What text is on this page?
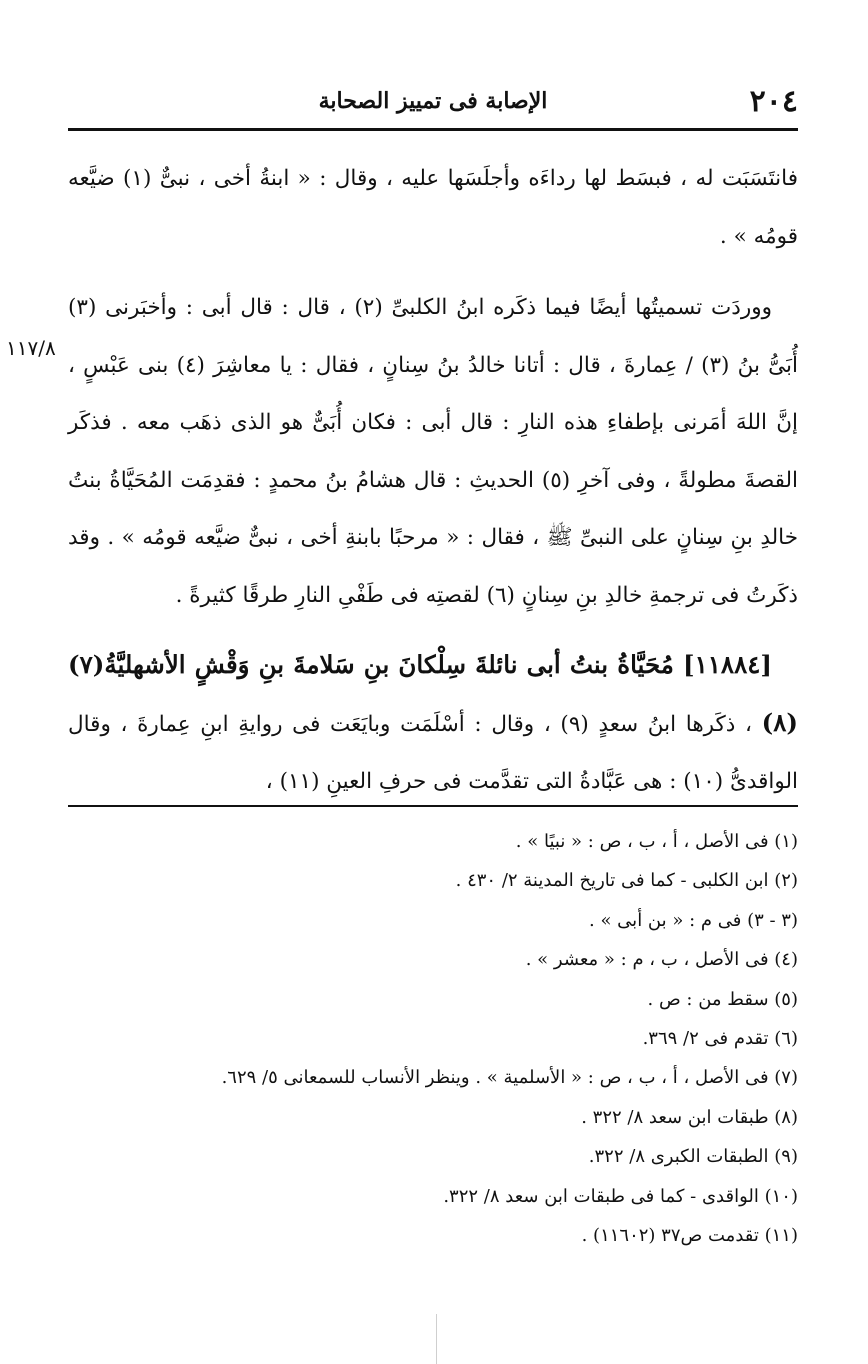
٢٠٤
الإصابة فى تمييز الصحابة
١١٧/٨

فانتَسَبَت له ، فبسَط لها رداءَه وأجلَسَها عليه ، وقال : « ابنةُ أخى ، نبىٌّ (١) ضيَّعه قومُه » .

ووردَت تسميتُها أيضًا فيما ذكَره ابنُ الكلبىِّ (٢) ، قال : قال أبى : وأخبَرنى (٣) أُبَىُّ بنُ (٣) / عِمارةَ ، قال : أتانا خالدُ بنُ سِنانٍ ، فقال : يا معاشِرَ (٤) بنى عَبْسٍ ، إنَّ اللهَ أمَرنى بإطفاءِ هذه النارِ : قال أبى : فكان أُبَىٌّ هو الذى ذهَب معه . فذكَر القصةَ مطولةً ، وفى آخرِ (٥) الحديثِ : قال هشامُ بنُ محمدٍ : فقدِمَت المُحَيَّاةُ بنتُ خالدِ بنِ سِنانٍ على النبىِّ ﷺ ، فقال : « مرحبًا بابنةِ أخى ، نبىٌّ ضيَّعه قومُه » . وقد ذكَرتُ فى ترجمةِ خالدِ بنِ سِنانٍ (٦) لقصتِه فى طَفْىِ النارِ طرقًا كثيرةً .

[١١٨٨٤] مُحَيَّاةُ بنتُ أبى نائلةَ سِلْكانَ بنِ سَلامةَ بنِ وَقْشٍ الأشهليَّةُ(٧)(٨) ، ذكَرها ابنُ سعدٍ (٩) ، وقال : أسْلَمَت وبايَعَت فى روايةِ ابنِ عِمارةَ ، وقال الواقدىُّ (١٠) : هى عَبَّادةُ التى تقدَّمت فى حرفِ العينِ (١١) ،

(١) فى الأصل ، أ ، ب ، ص : « نبيًا » .
(٢) ابن الكلبى - كما فى تاريخ المدينة ٢/ ٤٣٠ .
(٣ - ٣) فى م : « بن أبى » .
(٤) فى الأصل ، ب ، م : « معشر » .
(٥) سقط من : ص .
(٦) تقدم فى ٢/ ٣٦٩.
(٧) فى الأصل ، أ ، ب ، ص : « الأسلمية » . وينظر الأنساب للسمعانى ٥/ ٦٢٩.
(٨) طبقات ابن سعد ٨/ ٣٢٢ .
(٩) الطبقات الكبرى ٨/ ٣٢٢.
(١٠) الواقدى - كما فى طبقات ابن سعد ٨/ ٣٢٢.
(١١) تقدمت ص٣٧ (١١٦٠٢) .
